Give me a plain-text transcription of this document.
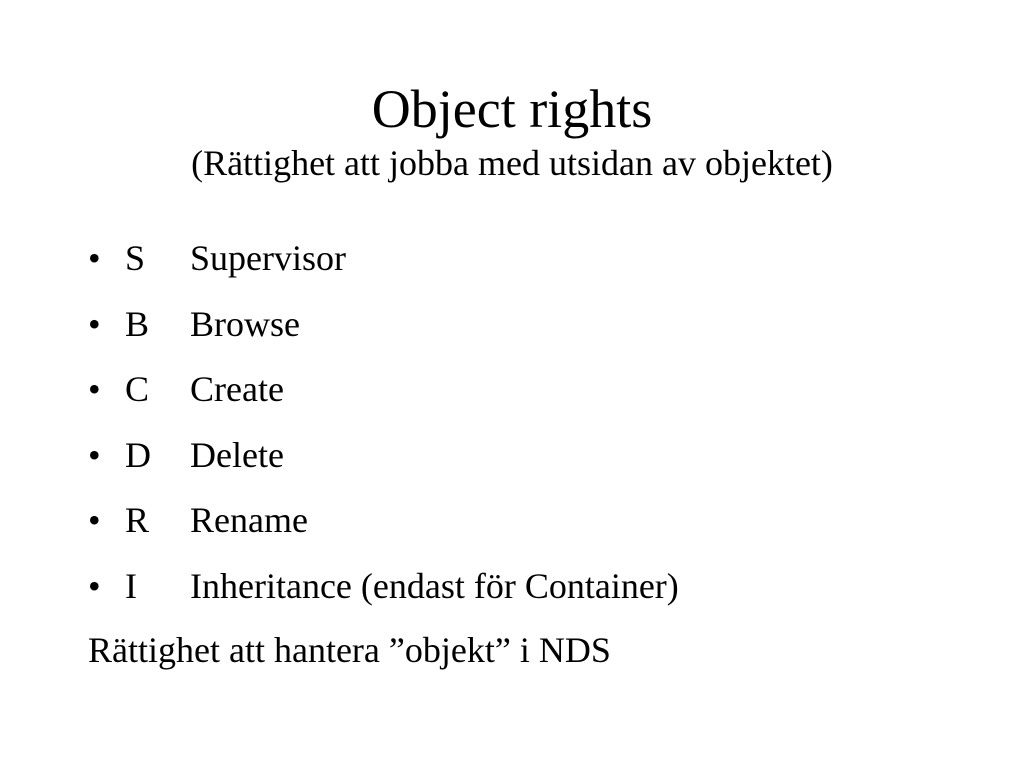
Object rights
(Rättighet att jobba med utsidan av objektet)
• S	Supervisor
• B	Browse
• C	Create
• D	Delete
• R	Rename
• I	Inheritance (endast för Container)

Rättighet att hantera ”objekt” i NDS
